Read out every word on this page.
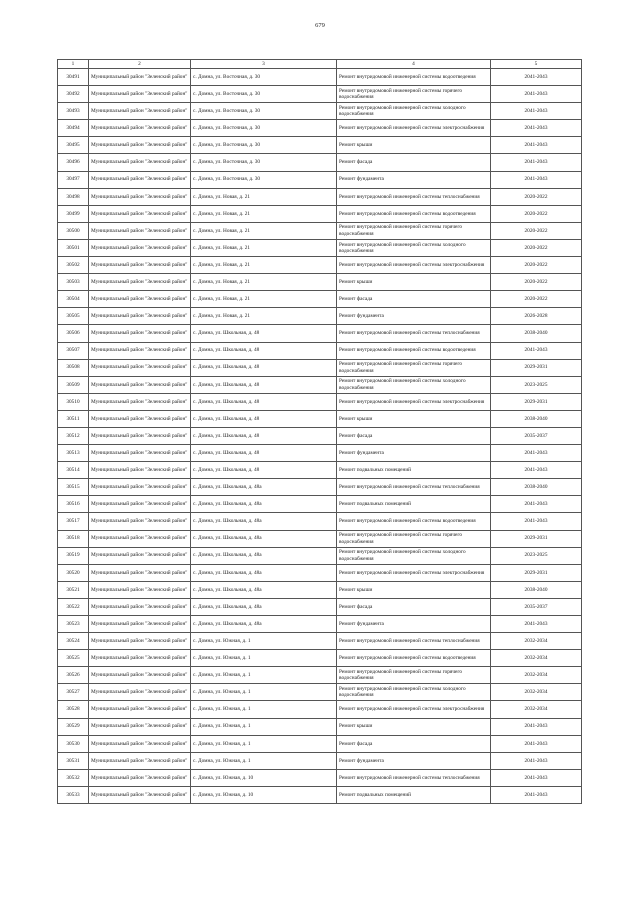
679
1	2	3	4	5
30491	Муниципальный район "Зеленский район"	с. Домна, ул. Восточная, д. 30	Ремонт внутридомовой инженерной системы водоотведения	2041-2043
30492	Муниципальный район "Зеленский район"	с. Домна, ул. Восточная, д. 30	Ремонт внутридомовой инженерной системы горячего водоснабжения	2041-2043
30493	Муниципальный район "Зеленский район"	с. Домна, ул. Восточная, д. 30	Ремонт внутридомовой инженерной системы холодного водоснабжения	2041-2043
30494	Муниципальный район "Зеленский район"	с. Домна, ул. Восточная, д. 30	Ремонт внутридомовой инженерной системы электроснабжения	2041-2043
30495	Муниципальный район "Зеленский район"	с. Домна, ул. Восточная, д. 30	Ремонт крыши	2041-2043
30496	Муниципальный район "Зеленский район"	с. Домна, ул. Восточная, д. 30	Ремонт фасада	2041-2043
30497	Муниципальный район "Зеленский район"	с. Домна, ул. Восточная, д. 30	Ремонт фундамента	2041-2043
30498	Муниципальный район "Зеленский район"	с. Домна, ул. Новая, д. 21	Ремонт внутридомовой инженерной системы теплоснабжения	2020-2022
30499	Муниципальный район "Зеленский район"	с. Домна, ул. Новая, д. 21	Ремонт внутридомовой инженерной системы водоотведения	2020-2022
30500	Муниципальный район "Зеленский район"	с. Домна, ул. Новая, д. 21	Ремонт внутридомовой инженерной системы горячего водоснабжения	2020-2022
30501	Муниципальный район "Зеленский район"	с. Домна, ул. Новая, д. 21	Ремонт внутридомовой инженерной системы холодного водоснабжения	2020-2022
30502	Муниципальный район "Зеленский район"	с. Домна, ул. Новая, д. 21	Ремонт внутридомовой инженерной системы электроснабжения	2020-2022
30503	Муниципальный район "Зеленский район"	с. Домна, ул. Новая, д. 21	Ремонт крыши	2020-2022
30504	Муниципальный район "Зеленский район"	с. Домна, ул. Новая, д. 21	Ремонт фасада	2020-2022
30505	Муниципальный район "Зеленский район"	с. Домна, ул. Новая, д. 21	Ремонт фундамента	2026-2028
30506	Муниципальный район "Зеленский район"	с. Домна, ул. Школьная, д. 48	Ремонт внутридомовой инженерной системы теплоснабжения	2038-2040
30507	Муниципальный район "Зеленский район"	с. Домна, ул. Школьная, д. 48	Ремонт внутридомовой инженерной системы водоотведения	2041-2043
30508	Муниципальный район "Зеленский район"	с. Домна, ул. Школьная, д. 48	Ремонт внутридомовой инженерной системы горячего водоснабжения	2029-2031
30509	Муниципальный район "Зеленский район"	с. Домна, ул. Школьная, д. 48	Ремонт внутридомовой инженерной системы холодного водоснабжения	2023-2025
30510	Муниципальный район "Зеленский район"	с. Домна, ул. Школьная, д. 48	Ремонт внутридомовой инженерной системы электроснабжения	2029-2031
30511	Муниципальный район "Зеленский район"	с. Домна, ул. Школьная, д. 48	Ремонт крыши	2038-2040
30512	Муниципальный район "Зеленский район"	с. Домна, ул. Школьная, д. 48	Ремонт фасада	2035-2037
30513	Муниципальный район "Зеленский район"	с. Домна, ул. Школьная, д. 48	Ремонт фундамента	2041-2043
30514	Муниципальный район "Зеленский район"	с. Домна, ул. Школьная, д. 48	Ремонт подвальных помещений	2041-2043
30515	Муниципальный район "Зеленский район"	с. Домна, ул. Школьная, д. 48а	Ремонт внутридомовой инженерной системы теплоснабжения	2038-2040
30516	Муниципальный район "Зеленский район"	с. Домна, ул. Школьная, д. 48а	Ремонт подвальных помещений	2041-2043
30517	Муниципальный район "Зеленский район"	с. Домна, ул. Школьная, д. 48а	Ремонт внутридомовой инженерной системы водоотведения	2041-2043
30518	Муниципальный район "Зеленский район"	с. Домна, ул. Школьная, д. 48а	Ремонт внутридомовой инженерной системы горячего водоснабжения	2029-2031
30519	Муниципальный район "Зеленский район"	с. Домна, ул. Школьная, д. 48а	Ремонт внутридомовой инженерной системы холодного водоснабжения	2023-2025
30520	Муниципальный район "Зеленский район"	с. Домна, ул. Школьная, д. 48а	Ремонт внутридомовой инженерной системы электроснабжения	2029-2031
30521	Муниципальный район "Зеленский район"	с. Домна, ул. Школьная, д. 48а	Ремонт крыши	2038-2040
30522	Муниципальный район "Зеленский район"	с. Домна, ул. Школьная, д. 48а	Ремонт фасада	2035-2037
30523	Муниципальный район "Зеленский район"	с. Домна, ул. Школьная, д. 48а	Ремонт фундамента	2041-2043
30524	Муниципальный район "Зеленский район"	с. Домна, ул. Южная, д. 1	Ремонт внутридомовой инженерной системы теплоснабжения	2032-2034
30525	Муниципальный район "Зеленский район"	с. Домна, ул. Южная, д. 1	Ремонт внутридомовой инженерной системы водоотведения	2032-2034
30526	Муниципальный район "Зеленский район"	с. Домна, ул. Южная, д. 1	Ремонт внутридомовой инженерной системы горячего водоснабжения	2032-2034
30527	Муниципальный район "Зеленский район"	с. Домна, ул. Южная, д. 1	Ремонт внутридомовой инженерной системы холодного водоснабжения	2032-2034
30528	Муниципальный район "Зеленский район"	с. Домна, ул. Южная, д. 1	Ремонт внутридомовой инженерной системы электроснабжения	2032-2034
30529	Муниципальный район "Зеленский район"	с. Домна, ул. Южная, д. 1	Ремонт крыши	2041-2043
30530	Муниципальный район "Зеленский район"	с. Домна, ул. Южная, д. 1	Ремонт фасада	2041-2043
30531	Муниципальный район "Зеленский район"	с. Домна, ул. Южная, д. 1	Ремонт фундамента	2041-2043
30532	Муниципальный район "Зеленский район"	с. Домна, ул. Южная, д. 10	Ремонт внутридомовой инженерной системы теплоснабжения	2041-2043
30533	Муниципальный район "Зеленский район"	с. Домна, ул. Южная, д. 10	Ремонт подвальных помещений	2041-2043
